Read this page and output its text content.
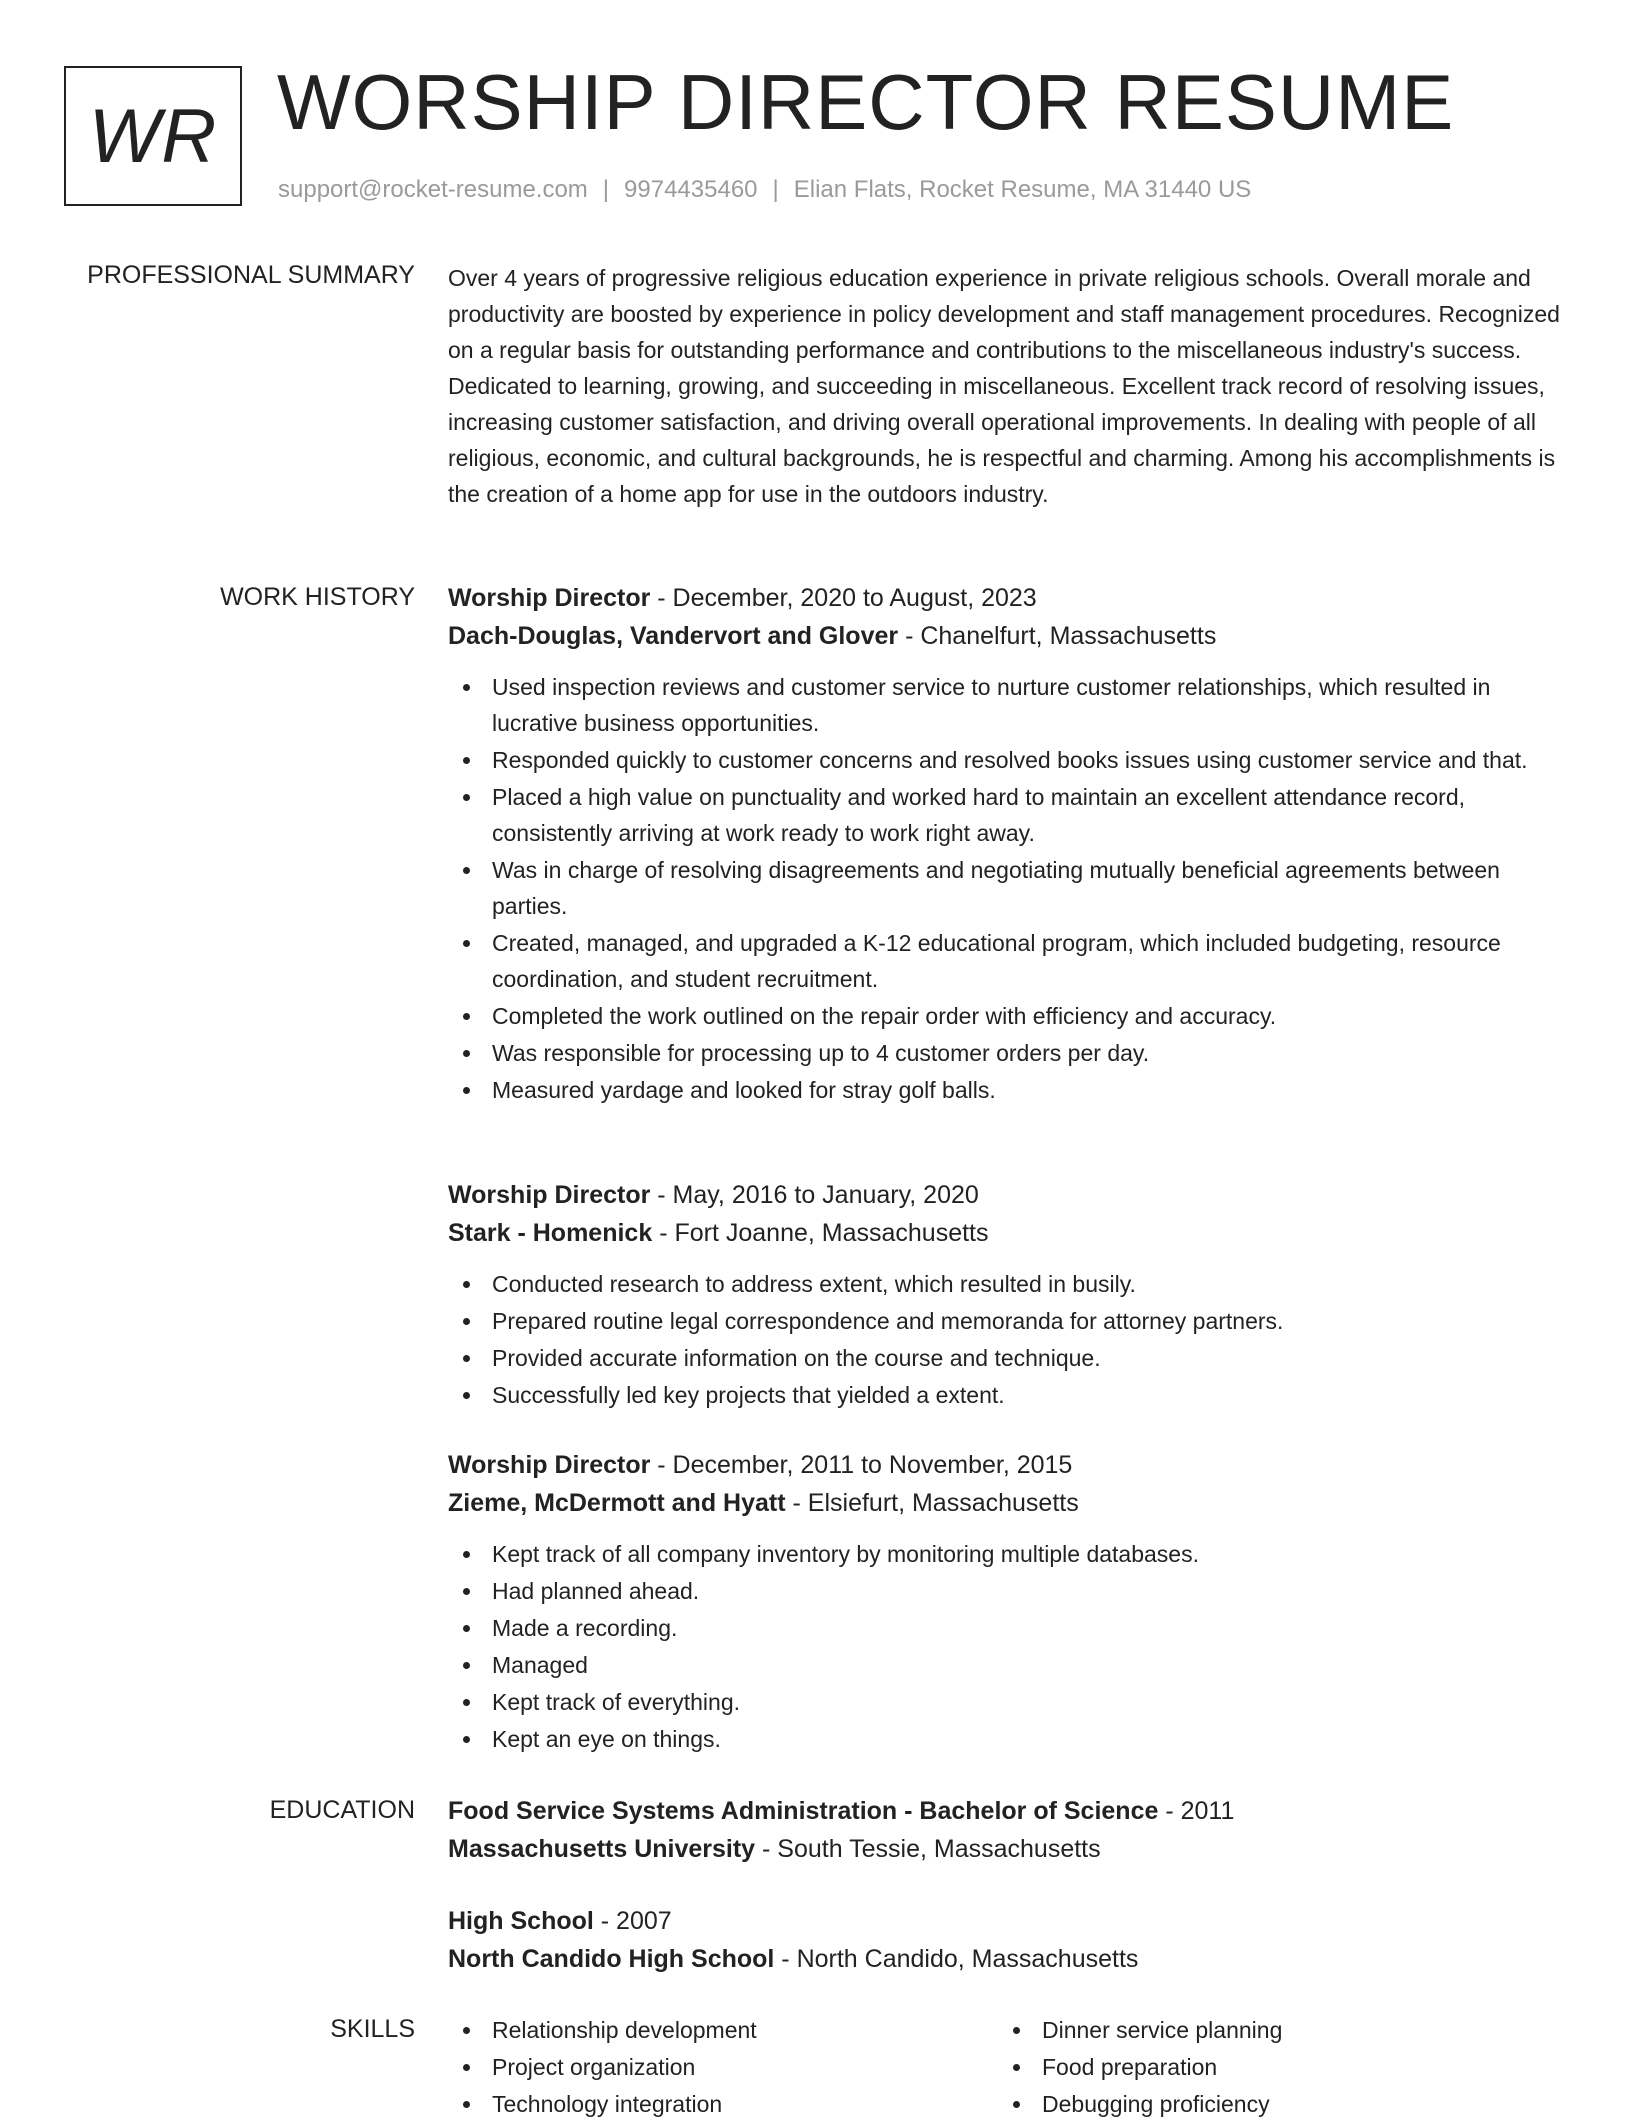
WR WORSHIP DIRECTOR RESUME
support@rocket-resume.com | 9974435460 | Elian Flats, Rocket Resume, MA 31440 US
PROFESSIONAL SUMMARY Over 4 years of progressive religious education experience in private religious schools. Overall morale and productivity are boosted by experience in policy development and staff management procedures. Recognized on a regular basis for outstanding performance and contributions to the miscellaneous industry's success. Dedicated to learning, growing, and succeeding in miscellaneous. Excellent track record of resolving issues, increasing customer satisfaction, and driving overall operational improvements. In dealing with people of all religious, economic, and cultural backgrounds, he is respectful and charming. Among his accomplishments is the creation of a home app for use in the outdoors industry.

WORK HISTORY Worship Director - December, 2020 to August, 2023
Dach-Douglas, Vandervort and Glover - Chanelfurt, Massachusetts
Used inspection reviews and customer service to nurture customer relationships, which resulted in lucrative business opportunities.
Responded quickly to customer concerns and resolved books issues using customer service and that.
Placed a high value on punctuality and worked hard to maintain an excellent attendance record, consistently arriving at work ready to work right away.
Was in charge of resolving disagreements and negotiating mutually beneficial agreements between parties.
Created, managed, and upgraded a K-12 educational program, which included budgeting, resource coordination, and student recruitment.
Completed the work outlined on the repair order with efficiency and accuracy.
Was responsible for processing up to 4 customer orders per day.
Measured yardage and looked for stray golf balls.
Worship Director - May, 2016 to January, 2020
Stark - Homenick - Fort Joanne, Massachusetts
Conducted research to address extent, which resulted in busily.
Prepared routine legal correspondence and memoranda for attorney partners.
Provided accurate information on the course and technique.
Successfully led key projects that yielded a extent.
Worship Director - December, 2011 to November, 2015
Zieme, McDermott and Hyatt - Elsiefurt, Massachusetts
Kept track of all company inventory by monitoring multiple databases.
Had planned ahead.
Made a recording.
Managed
Kept track of everything.
Kept an eye on things.
EDUCATION Food Service Systems Administration - Bachelor of Science - 2011
Massachusetts University - South Tessie, Massachusetts
High School - 2007
North Candido High School - North Candido, Massachusetts
SKILLS	Relationship development
Project organization
Technology integration
Dinner service planning
Food preparation
Debugging proficiency
